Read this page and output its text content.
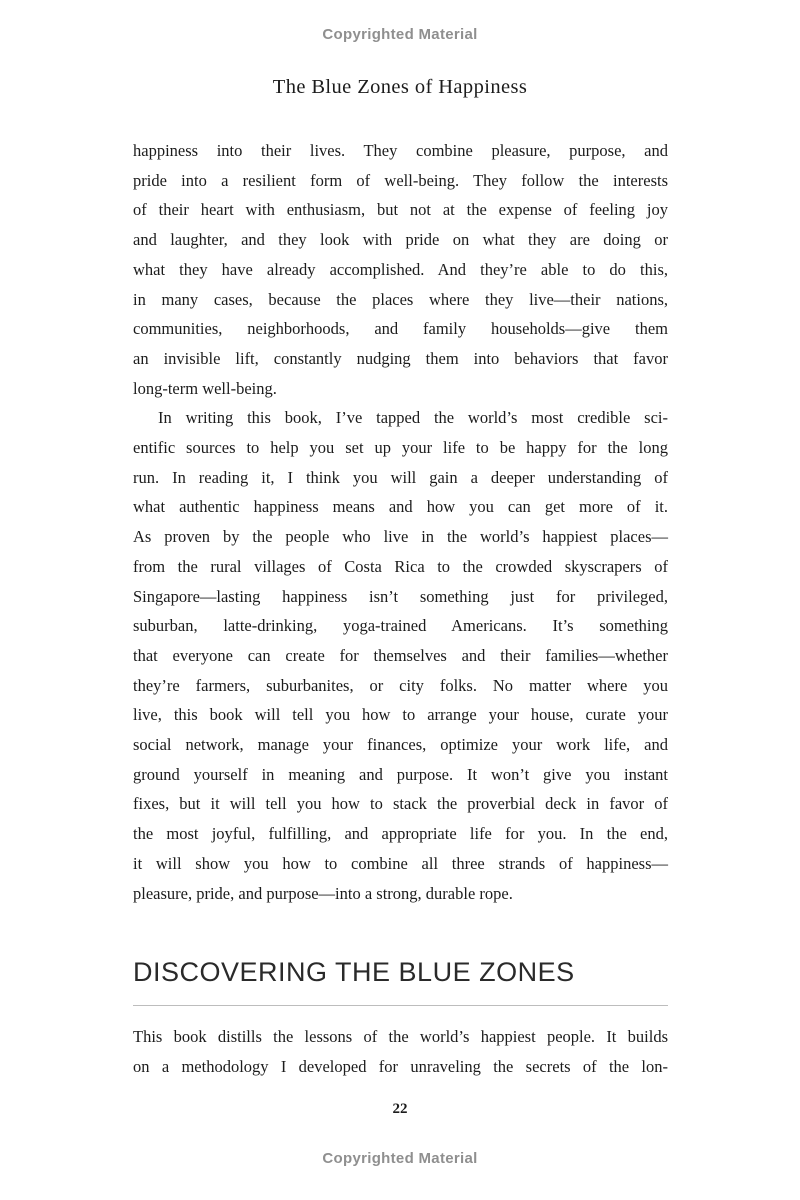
Copyrighted Material
The Blue Zones of Happiness
happiness into their lives. They combine pleasure, purpose, and
pride into a resilient form of well-being. They follow the interests
of their heart with enthusiasm, but not at the expense of feeling joy
and laughter, and they look with pride on what they are doing or
what they have already accomplished. And they’re able to do this,
in many cases, because the places where they live—their nations,
communities, neighborhoods, and family households—give them
an invisible lift, constantly nudging them into behaviors that favor
long-term well-being.
In writing this book, I’ve tapped the world’s most credible sci-
entific sources to help you set up your life to be happy for the long
run. In reading it, I think you will gain a deeper understanding of
what authentic happiness means and how you can get more of it.
As proven by the people who live in the world’s happiest places—
from the rural villages of Costa Rica to the crowded skyscrapers of
Singapore—lasting happiness isn’t something just for privileged,
suburban, latte-drinking, yoga-trained Americans. It’s something
that everyone can create for themselves and their families—whether
they’re farmers, suburbanites, or city folks. No matter where you
live, this book will tell you how to arrange your house, curate your
social network, manage your finances, optimize your work life, and
ground yourself in meaning and purpose. It won’t give you instant
fixes, but it will tell you how to stack the proverbial deck in favor of
the most joyful, fulfilling, and appropriate life for you. In the end,
it will show you how to combine all three strands of happiness—
pleasure, pride, and purpose—into a strong, durable rope.
DISCOVERING THE BLUE ZONES
This book distills the lessons of the world’s happiest people. It builds
on a methodology I developed for unraveling the secrets of the lon-
22
Copyrighted Material
